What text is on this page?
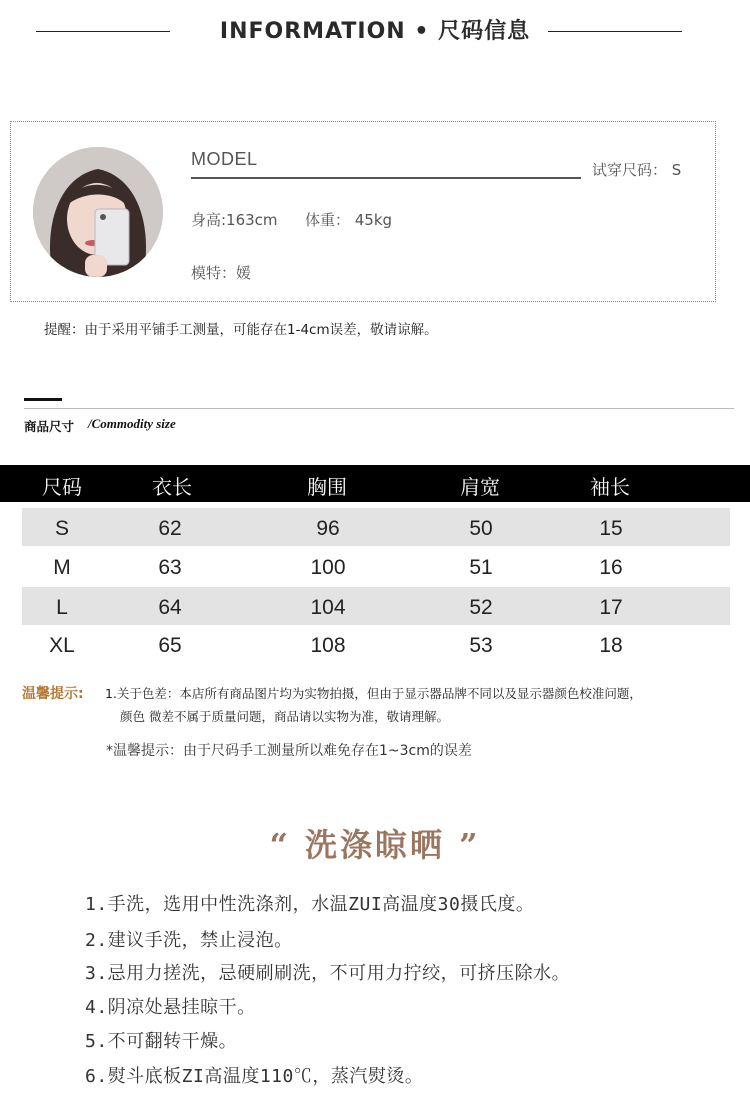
INFORMATION • 尺码信息
MODEL
试穿尺码： S
身高:163cm 体重： 45kg
模特：媛
提醒：由于采用平铺手工测量，可能存在1-4cm误差，敬请谅解。
商品尺寸 /Commodity size
尺码	衣长	胸围	肩宽	袖长
S	62	96	50	15
M	63	100	51	16
L	64	104	52	17
XL	65	108	53	18
温馨提示: 1.关于色差：本店所有商品图片均为实物拍摄，但由于显示器品牌不同以及显示器颜色校准问题，
颜色 微差不属于质量问题，商品请以实物为准，敬请理解。
*温馨提示：由于尺码手工测量所以难免存在1~3cm的误差
“ 洗涤晾晒 ”
1.手洗，选用中性洗涤剂，水温ZUI高温度30摄氏度。
2.建议手洗，禁止浸泡。
3.忌用力搓洗，忌硬刷刷洗，不可用力拧绞，可挤压除水。
4.阴凉处悬挂晾干。
5.不可翻转干燥。
6.熨斗底板ZI高温度110℃，蒸汽熨烫。
